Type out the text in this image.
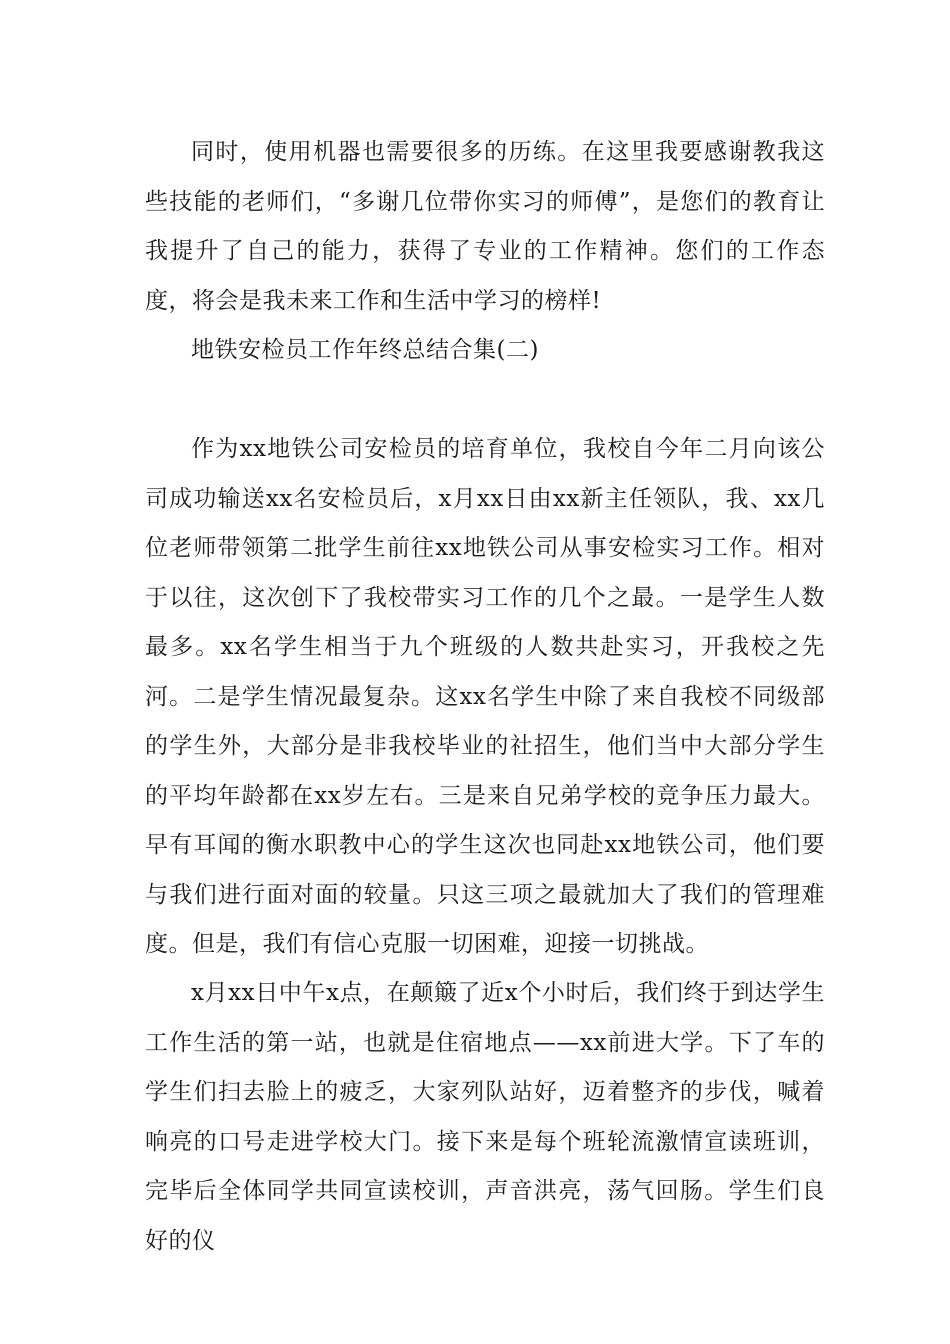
同时，使用机器也需要很多的历练。在这里我要感谢教我这些技能的老师们，“多谢几位带你实习的师傅”，是您们的教育让我提升了自己的能力，获得了专业的工作精神。您们的工作态度，将会是我未来工作和生活中学习的榜样!

地铁安检员工作年终总结合集(二)

作为xx地铁公司安检员的培育单位，我校自今年二月向该公司成功输送xx名安检员后，x月xx日由xx新主任领队，我、xx几位老师带领第二批学生前往xx地铁公司从事安检实习工作。相对于以往，这次创下了我校带实习工作的几个之最。一是学生人数最多。xx名学生相当于九个班级的人数共赴实习，开我校之先河。二是学生情况最复杂。这xx名学生中除了来自我校不同级部的学生外，大部分是非我校毕业的社招生，他们当中大部分学生的平均年龄都在xx岁左右。三是来自兄弟学校的竞争压力最大。早有耳闻的衡水职教中心的学生这次也同赴xx地铁公司，他们要与我们进行面对面的较量。只这三项之最就加大了我们的管理难度。但是，我们有信心克服一切困难，迎接一切挑战。

x月xx日中午x点，在颠簸了近x个小时后，我们终于到达学生工作生活的第一站，也就是住宿地点——xx前进大学。下了车的学生们扫去脸上的疲乏，大家列队站好，迈着整齐的步伐，喊着响亮的口号走进学校大门。接下来是每个班轮流激情宣读班训，完毕后全体同学共同宣读校训，声音洪亮，荡气回肠。学生们良好的仪
